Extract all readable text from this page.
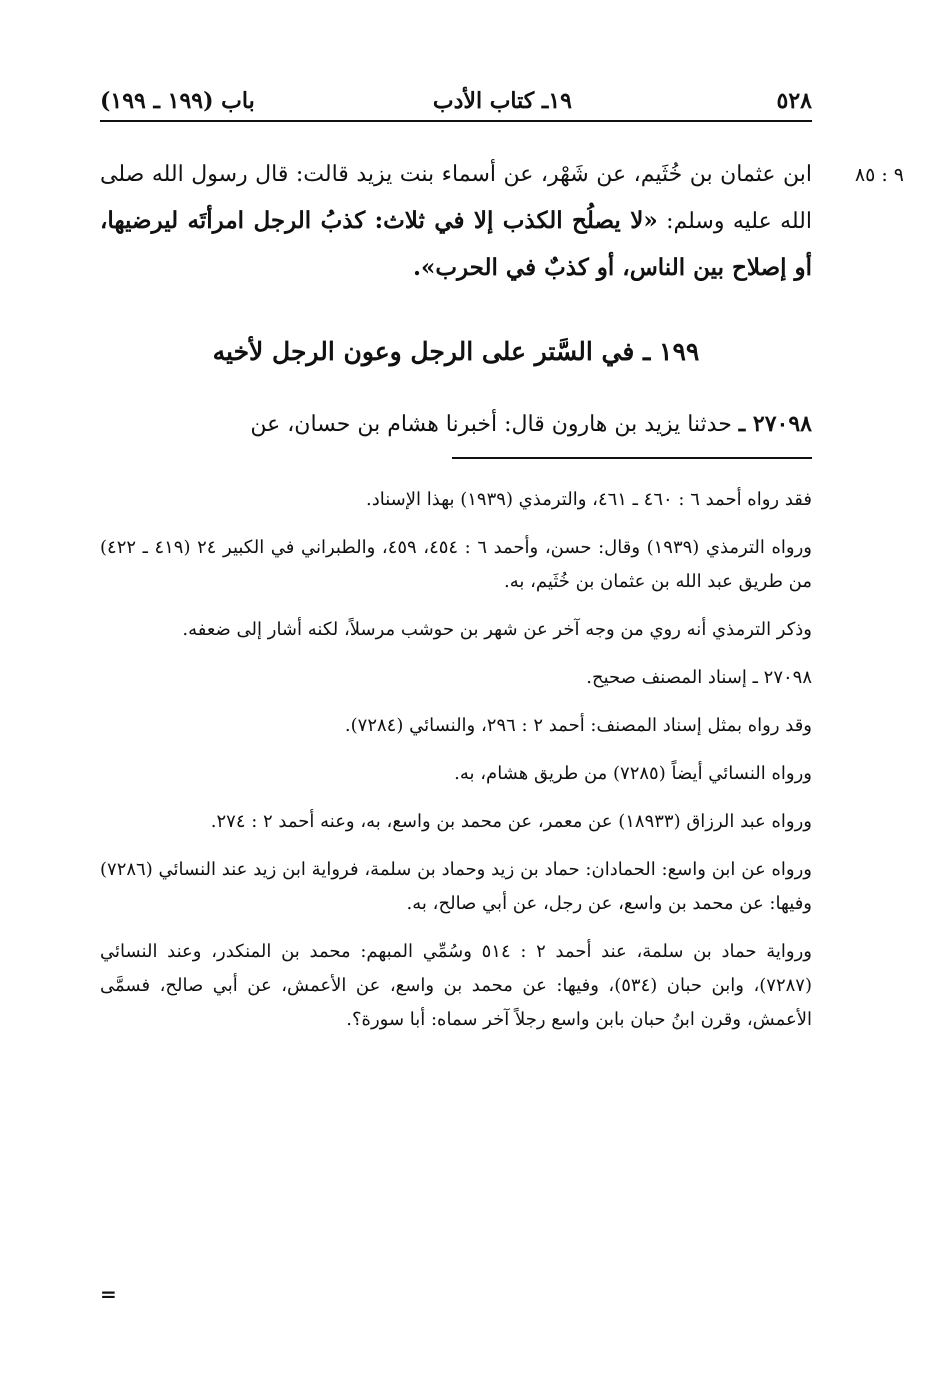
٥٢٨
١٩ـ كتاب الأدب
باب (١٩٩ ـ ١٩٩)
٩ : ٨٥
ابن عثمان بن خُثَيم، عن شَهْر، عن أسماء بنت يزيد قالت: قال رسول الله صلى الله عليه وسلم: «لا يصلُح الكذب إلا في ثلاث: كذبُ الرجل امرأتَه ليرضيها، أو إصلاح بين الناس، أو كذبٌ في الحرب».
١٩٩ ـ في السَّتر على الرجل وعون الرجل لأخيه
٢٧٠٩٨ ـ حدثنا يزيد بن هارون قال: أخبرنا هشام بن حسان، عن

فقد رواه أحمد ٦ : ٤٦٠ ـ ٤٦١، والترمذي (١٩٣٩) بهذا الإسناد.

ورواه الترمذي (١٩٣٩) وقال: حسن، وأحمد ٦ : ٤٥٤، ٤٥٩، والطبراني في الكبير ٢٤ (٤١٩ ـ ٤٢٢) من طريق عبد الله بن عثمان بن خُثَيم، به.

وذكر الترمذي أنه روي من وجه آخر عن شهر بن حوشب مرسلاً، لكنه أشار إلى ضعفه.

٢٧٠٩٨ ـ إسناد المصنف صحيح.

وقد رواه بمثل إسناد المصنف: أحمد ٢ : ٢٩٦، والنسائي (٧٢٨٤).

ورواه النسائي أيضاً (٧٢٨٥) من طريق هشام، به.

ورواه عبد الرزاق (١٨٩٣٣) عن معمر، عن محمد بن واسع، به، وعنه أحمد ٢ : ٢٧٤.

ورواه عن ابن واسع: الحمادان: حماد بن زيد وحماد بن سلمة، فرواية ابن زيد عند النسائي (٧٢٨٦) وفيها: عن محمد بن واسع، عن رجل، عن أبي صالح، به.

ورواية حماد بن سلمة، عند أحمد ٢ : ٥١٤ وسُمِّي المبهم: محمد بن المنكدر، وعند النسائي (٧٢٨٧)، وابن حبان (٥٣٤)، وفيها: عن محمد بن واسع، عن الأعمش، عن أبي صالح، فسمَّى الأعمش، وقرن ابنُ حبان بابن واسع رجلاً آخر سماه: أبا سورة؟.

=
